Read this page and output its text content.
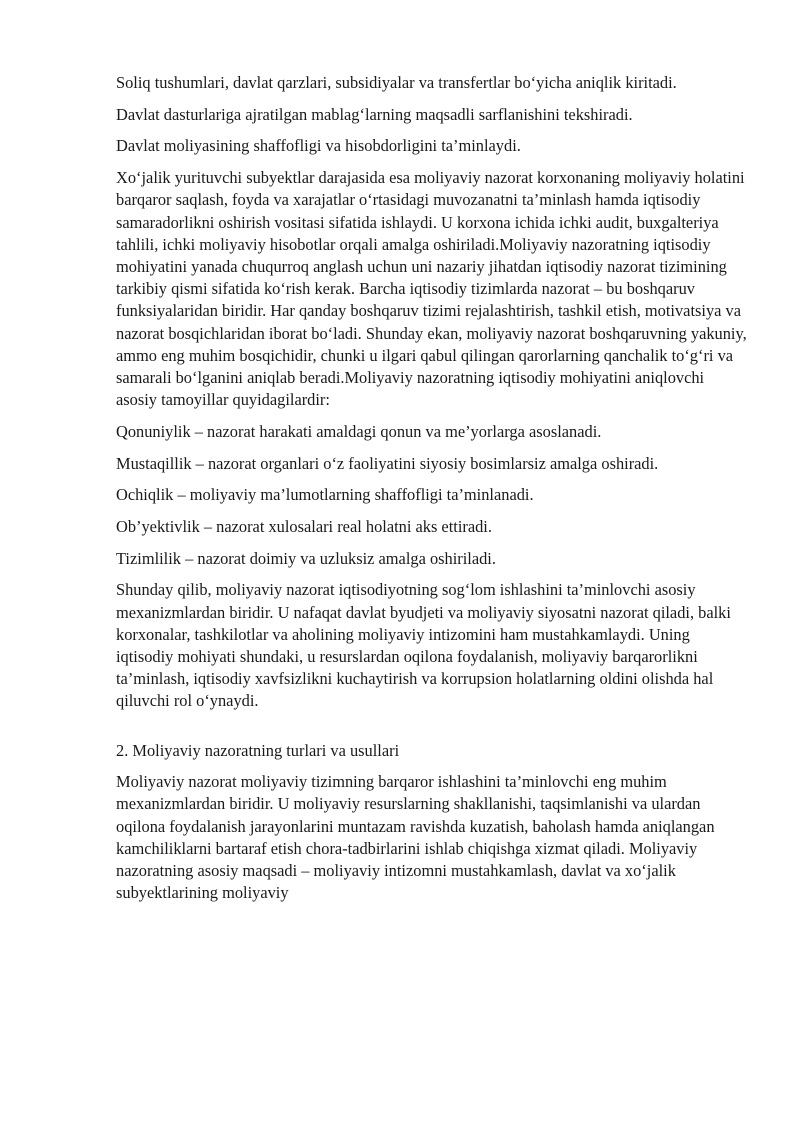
Soliq tushumlari, davlat qarzlari, subsidiyalar va transfertlar bo‘yicha aniqlik kiritadi.

Davlat dasturlariga ajratilgan mablag‘larning maqsadli sarflanishini tekshiradi.

Davlat moliyasining shaffofligi va hisobdorligini ta’minlaydi.

Xo‘jalik yurituvchi subyektlar darajasida esa moliyaviy nazorat korxonaning moliyaviy holatini barqaror saqlash, foyda va xarajatlar o‘rtasidagi muvozanatni ta’minlash hamda iqtisodiy samaradorlikni oshirish vositasi sifatida ishlaydi. U korxona ichida ichki audit, buxgalteriya tahlili, ichki moliyaviy hisobotlar orqali amalga oshiriladi.Moliyaviy nazoratning iqtisodiy mohiyatini yanada chuqurroq anglash uchun uni nazariy jihatdan iqtisodiy nazorat tizimining tarkibiy qismi sifatida ko‘rish kerak. Barcha iqtisodiy tizimlarda nazorat – bu boshqaruv funksiyalaridan biridir. Har qanday boshqaruv tizimi rejalashtirish, tashkil etish, motivatsiya va nazorat bosqichlaridan iborat bo‘ladi. Shunday ekan, moliyaviy nazorat boshqaruvning yakuniy, ammo eng muhim bosqichidir, chunki u ilgari qabul qilingan qarorlarning qanchalik to‘g‘ri va samarali bo‘lganini aniqlab beradi.Moliyaviy nazoratning iqtisodiy mohiyatini aniqlovchi asosiy tamoyillar quyidagilardir:

Qonuniylik – nazorat harakati amaldagi qonun va me’yorlarga asoslanadi.

Mustaqillik – nazorat organlari o‘z faoliyatini siyosiy bosimlarsiz amalga oshiradi.

Ochiqlik – moliyaviy ma’lumotlarning shaffofligi ta’minlanadi.

Ob’yektivlik – nazorat xulosalari real holatni aks ettiradi.

Tizimlilik – nazorat doimiy va uzluksiz amalga oshiriladi.

Shunday qilib, moliyaviy nazorat iqtisodiyotning sog‘lom ishlashini ta’minlovchi asosiy mexanizmlardan biridir. U nafaqat davlat byudjeti va moliyaviy siyosatni nazorat qiladi, balki korxonalar, tashkilotlar va aholining moliyaviy intizomini ham mustahkamlaydi. Uning iqtisodiy mohiyati shundaki, u resurslardan oqilona foydalanish, moliyaviy barqarorlikni ta’minlash, iqtisodiy xavfsizlikni kuchaytirish va korrupsion holatlarning oldini olishda hal qiluvchi rol o‘ynaydi.

2. Moliyaviy nazoratning turlari va usullari

Moliyaviy nazorat moliyaviy tizimning barqaror ishlashini ta’minlovchi eng muhim mexanizmlardan biridir. U moliyaviy resurslarning shakllanishi, taqsimlanishi va ulardan oqilona foydalanish jarayonlarini muntazam ravishda kuzatish, baholash hamda aniqlangan kamchiliklarni bartaraf etish chora-tadbirlarini ishlab chiqishga xizmat qiladi. Moliyaviy nazoratning asosiy maqsadi – moliyaviy intizomni mustahkamlash, davlat va xo‘jalik subyektlarining moliyaviy
